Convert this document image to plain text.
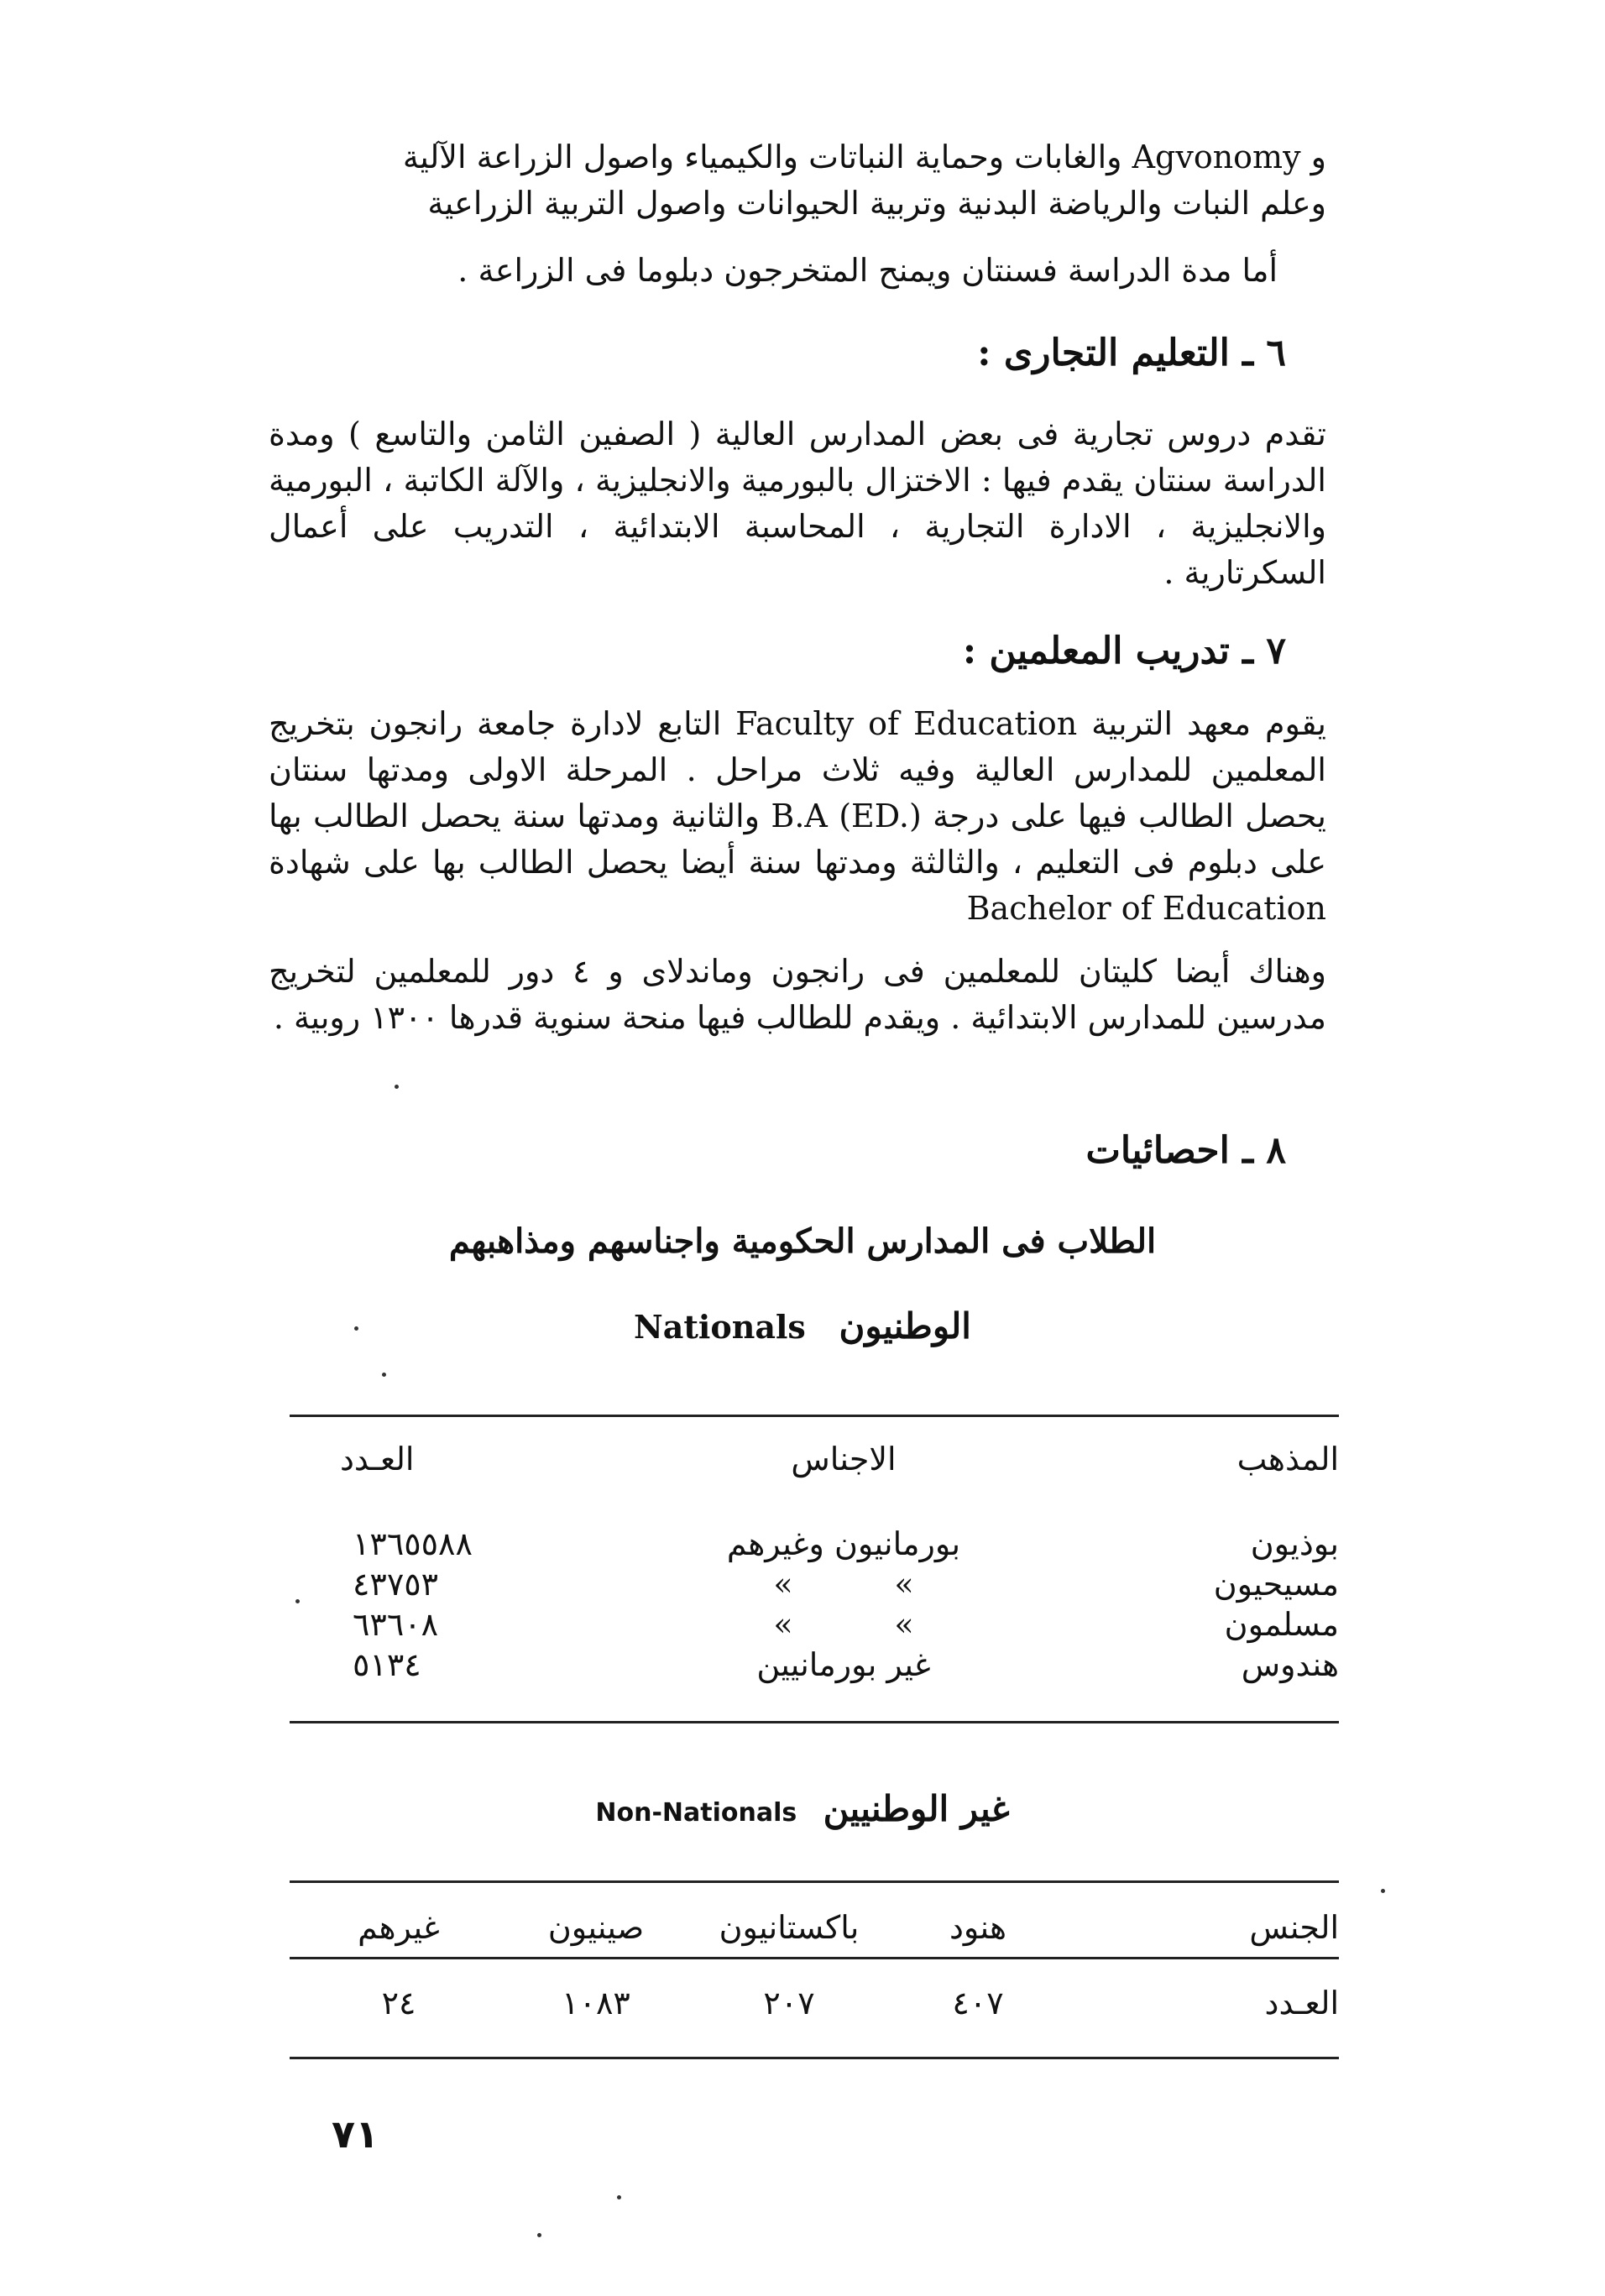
و Agvonomy والغابات وحماية النباتات والكيمياء واصول الزراعة الآلية
وعلم النبات والرياضة البدنية وتربية الحيوانات واصول التربية الزراعية
أما مدة الدراسة فسنتان ويمنح المتخرجون دبلوما فى الزراعة .
٦ ـ التعليم التجارى :
تقدم دروس تجارية فى بعض المدارس العالية ( الصفين الثامن والتاسع ) ومدة الدراسة سنتان يقدم فيها : الاختزال بالبورمية والانجليزية ، والآلة الكاتبة ، البورمية والانجليزية ، الادارة التجارية ، المحاسبة الابتدائية ، التدريب على أعمال السكرتارية .
٧ ـ تدريب المعلمين :
يقوم معهد التربية Faculty of Education التابع لادارة جامعة رانجون بتخريج المعلمين للمدارس العالية وفيه ثلاث مراحل . المرحلة الاولى ومدتها سنتان يحصل الطالب فيها على درجة B.A (ED.) والثانية ومدتها سنة يحصل الطالب بها على دبلوم فى التعليم ، والثالثة ومدتها سنة أيضا يحصل الطالب بها على شهادة Bachelor of Education
وهناك أيضا كليتان للمعلمين فى رانجون وماندلاى و ٤ دور للمعلمين لتخريج مدرسين للمدارس الابتدائية . ويقدم للطالب فيها منحة سنوية قدرها ١٣٠٠ روبية .
٨ ـ احصائيات
الطلاب فى المدارس الحكومية واجناسهم ومذاهبهم
Nationals الوطنيون
المذهب	الاجناس	العـدد

بوذيون	بورمانيون وغيرهم	١٣٦٥٥٨٨
مسيحيون	»          »	٤٣٧٥٣
مسلمون	»          »	٦٣٦٠٨
هندوس	غير بورمانيين	٥١٣٤
Non-Nationals غير الوطنيين
الجنس	هنود	باكستانيون	صينيون	غيرهم

العـدد	٤٠٧	٢٠٧	١٠٨٣	٢٤
٧١
